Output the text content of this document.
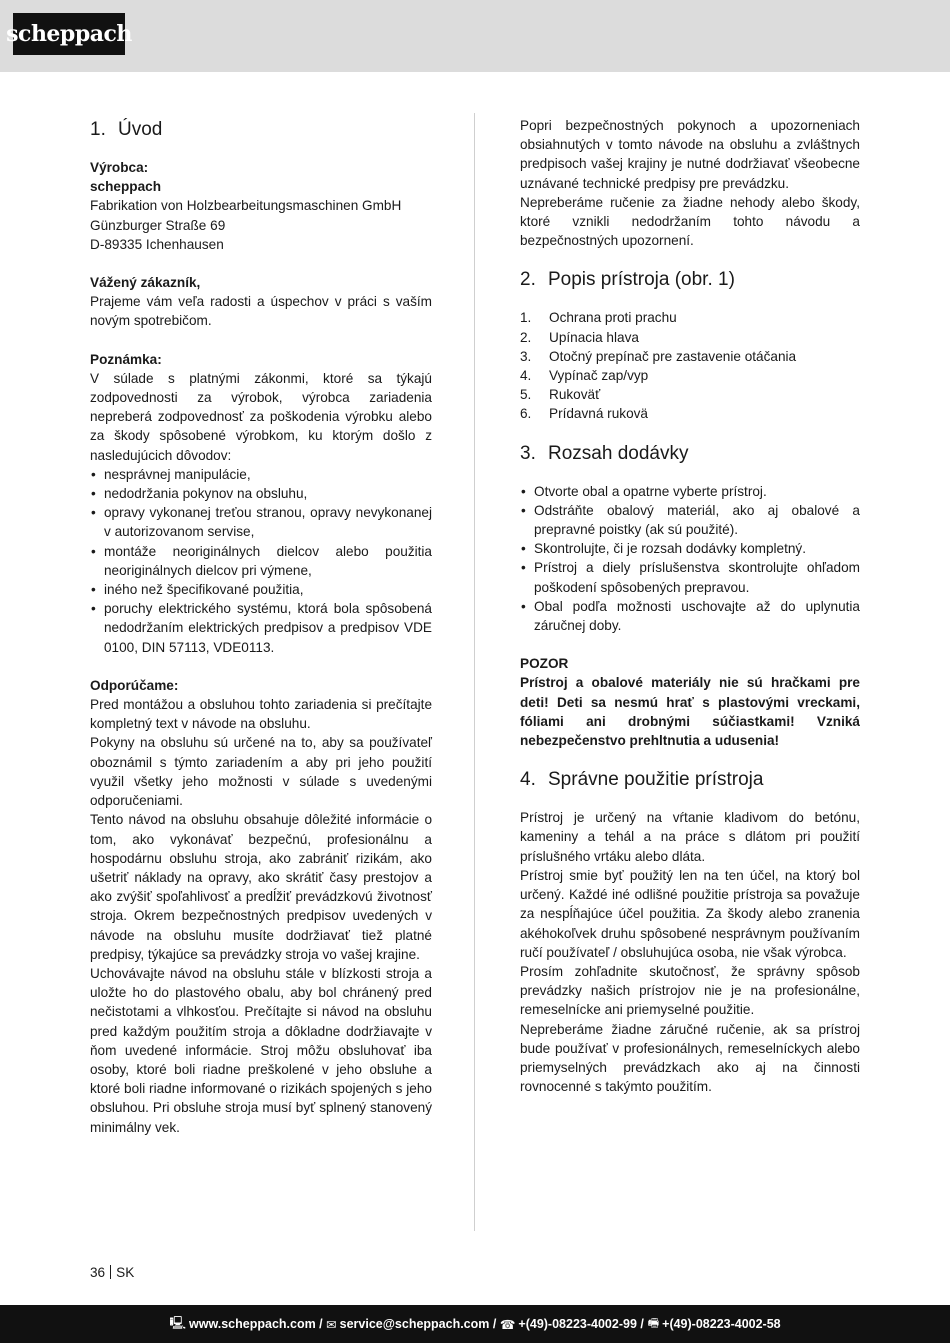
scheppach
1. Úvod
Výrobca:
scheppach
Fabrikation von Holzbearbeitungsmaschinen GmbH
Günzburger Straße 69
D-89335 Ichenhausen
Vážený zákazník,
Prajeme vám veľa radosti a úspechov v práci s vaším novým spotrebičom.
Poznámka:
V súlade s platnými zákonmi, ktoré sa týkajú zodpovednosti za výrobok, výrobca zariadenia nepreberá zodpovednosť za poškodenia výrobku alebo za škody spôsobené výrobkom, ku ktorým došlo z nasledujúcich dôvodov:
• nesprávnej manipulácie,
• nedodržania pokynov na obsluhu,
• opravy vykonanej treťou stranou, opravy nevykonanej v autorizovanom servise,
• montáže neoriginálnych dielcov alebo použitia neoriginálnych dielcov pri výmene,
• iného než špecifikované použitia,
• poruchy elektrického systému, ktorá bola spôsobená nedodržaním elektrických predpisov a predpisov VDE 0100, DIN 57113, VDE0113.
Odporúčame:
Pred montážou a obsluhou tohto zariadenia si prečítajte kompletný text v návode na obsluhu.
Pokyny na obsluhu sú určené na to, aby sa používateľ oboznámil s týmto zariadením a aby pri jeho použití využil všetky jeho možnosti v súlade s uvedenými odporučeniami.
Tento návod na obsluhu obsahuje dôležité informácie o tom, ako vykonávať bezpečnú, profesionálnu a hospodárnu obsluhu stroja, ako zabrániť rizikám, ako ušetriť náklady na opravy, ako skrátiť časy prestojov a ako zvýšiť spoľahlivosť a predĺžiť prevádzkovú životnosť stroja. Okrem bezpečnostných predpisov uvedených v návode na obsluhu musíte dodržiavať tiež platné predpisy, týkajúce sa prevádzky stroja vo vašej krajine.
Uchovávajte návod na obsluhu stále v blízkosti stroja a uložte ho do plastového obalu, aby bol chránený pred nečistotami a vlhkosťou. Prečítajte si návod na obsluhu pred každým použitím stroja a dôkladne dodržiavajte v ňom uvedené informácie. Stroj môžu obsluhovať iba osoby, ktoré boli riadne preškolené v jeho obsluhe a ktoré boli riadne informované o rizikách spojených s jeho obsluhou. Pri obsluhe stroja musí byť splnený stanovený minimálny vek.
Popri bezpečnostných pokynoch a upozorneniach obsiahnutých v tomto návode na obsluhu a zvláštnych predpisoch vašej krajiny je nutné dodržiavať všeobecne uznávané technické predpisy pre prevádzku.
Nepreberáme ručenie za žiadne nehody alebo škody, ktoré vznikli nedodržaním tohto návodu a bezpečnostných upozornení.
2. Popis prístroja (obr. 1)
1. Ochrana proti prachu
2. Upínacia hlava
3. Otočný prepínač pre zastavenie otáčania
4. Vypínač zap/vyp
5. Rukoväť
6. Prídavná rukovä
3. Rozsah dodávky
• Otvorte obal a opatrne vyberte prístroj.
• Odstráňte obalový materiál, ako aj obalové a prepravné poistky (ak sú použité).
• Skontrolujte, či je rozsah dodávky kompletný.
• Prístroj a diely príslušenstva skontrolujte ohľadom poškodení spôsobených prepravou.
• Obal podľa možnosti uschovajte až do uplynutia záručnej doby.
POZOR
Prístroj a obalové materiály nie sú hračkami pre deti! Deti sa nesmú hrať s plastovými vreckami, fóliami ani drobnými súčiastkami! Vzniká nebezpečenstvo prehltnutia a udusenia!
4. Správne použitie prístroja
Prístroj je určený na vŕtanie kladivom do betónu, kameniny a tehál a na práce s dlátom pri použití príslušného vrtáku alebo dláta.
Prístroj smie byť použitý len na ten účel, na ktorý bol určený. Každé iné odlišné použitie prístroja sa považuje za nespĺňajúce účel použitia. Za škody alebo zranenia akéhokoľvek druhu spôsobené nesprávnym používaním ručí používateľ / obsluhujúca osoba, nie však výrobca.
Prosím zohľadnite skutočnosť, že správny spôsob prevádzky našich prístrojov nie je na profesionálne, remeselnícke ani priemyselné použitie.
Nepreberáme žiadne záručné ručenie, ak sa prístroj bude používať v profesionálnych, remeselníckych alebo priemyselných prevádzkach ako aj na činnosti rovnocenné s takýmto použitím.
36 SK
🖳 www.scheppach.com /
✉ service@scheppach.com /
☎ +(49)-08223-4002-99 /
🖷 +(49)-08223-4002-58
